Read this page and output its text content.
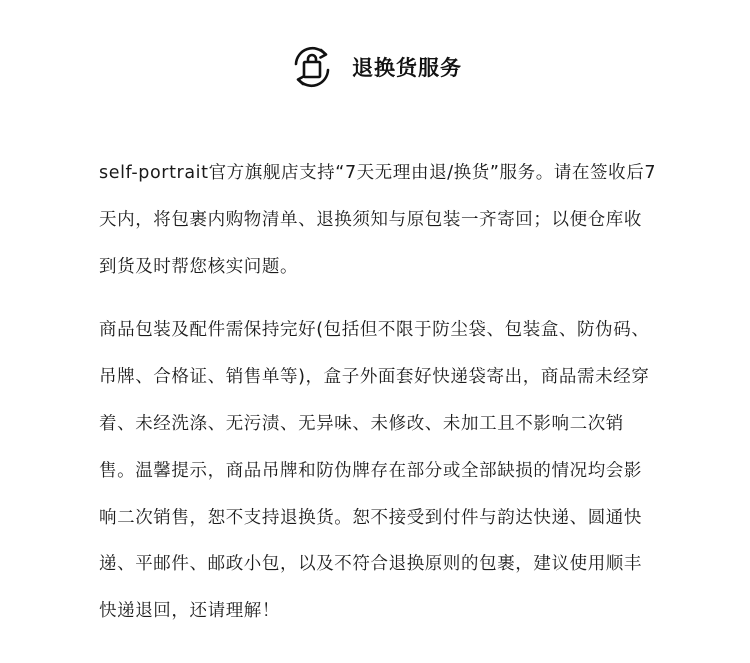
退换货服务

self-portrait官方旗舰店支持“7天无理由退/换货”服务。请在签收后7天内，将包裹内购物清单、退换须知与原包装一齐寄回；以便仓库收到货及时帮您核实问题。

商品包装及配件需保持完好(包括但不限于防尘袋、包装盒、防伪码、吊牌、合格证、销售单等)，盒子外面套好快递袋寄出，商品需未经穿着、未经洗涤、无污渍、无异味、未修改、未加工且不影响二次销售。温馨提示，商品吊牌和防伪牌存在部分或全部缺损的情况均会影响二次销售，恕不支持退换货。恕不接受到付件与韵达快递、圆通快递、平邮件、邮政小包，以及不符合退换原则的包裹，建议使用顺丰快递退回，还请理解！
